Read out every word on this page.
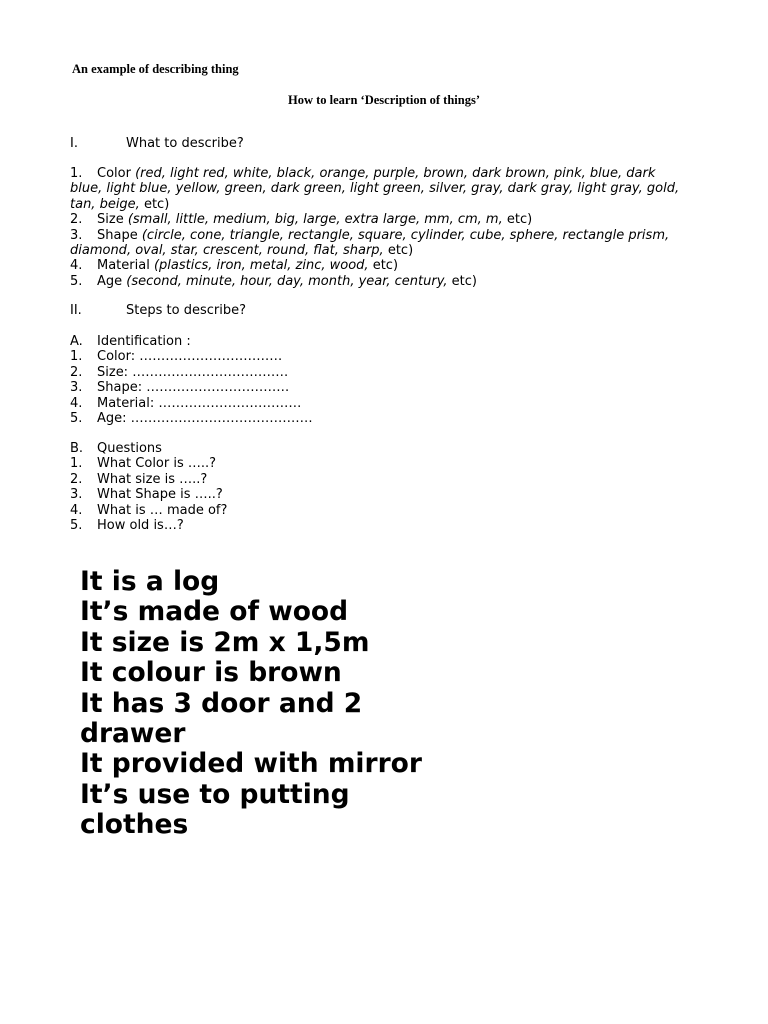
An example of describing thing
How to learn ‘Description of things’
I.	What to describe?
1. Color (red, light red, white, black, orange, purple, brown, dark brown, pink, blue, dark blue, light blue, yellow, green, dark green, light green, silver, gray, dark gray, light gray, gold, tan, beige, etc)
2. Size (small, little, medium, big, large, extra large, mm, cm, m, etc)
3. Shape (circle, cone, triangle, rectangle, square, cylinder, cube, sphere, rectangle prism, diamond, oval, star, crescent, round, flat, sharp, etc)
4. Material (plastics, iron, metal, zinc, wood, etc)
5. Age (second, minute, hour, day, month, year, century, etc)
II.	Steps to describe?
A. Identification :
1. Color: ……………………………
2. Size: ………………………………
3. Shape: ……………………………
4. Material: ……………………………
5. Age: ……………………………………
B. Questions
1. What Color is …..?
2. What size is …..?
3. What Shape is …..?
4. What is … made of?
5. How old is…?
It is a log
It’s made of wood
It size is 2m x 1,5m
It colour is brown
It has 3 door and 2 drawer
It provided with mirror
It’s use to putting clothes
